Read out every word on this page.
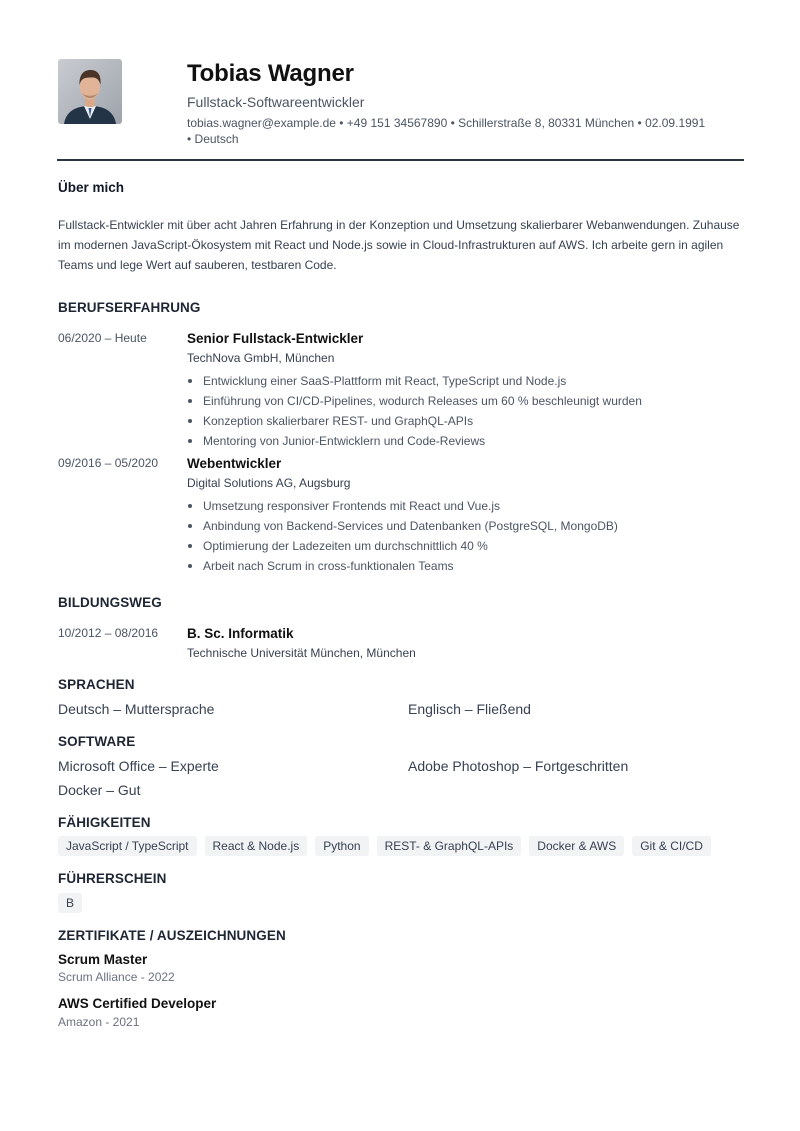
Tobias Wagner
Fullstack-Softwareentwickler
tobias.wagner@example.de • +49 151 34567890 • Schillerstraße 8, 80331 München • 02.09.1991
• Deutsch
Über mich
Fullstack-Entwickler mit über acht Jahren Erfahrung in der Konzeption und Umsetzung skalierbarer Webanwendungen. Zuhause im modernen JavaScript-Ökosystem mit React und Node.js sowie in Cloud-Infrastrukturen auf AWS. Ich arbeite gern in agilen Teams und lege Wert auf sauberen, testbaren Code.
BERUFSERFAHRUNG
06/2020 – Heute	Senior Fullstack-Entwickler
TechNova GmbH, München
Entwicklung einer SaaS-Plattform mit React, TypeScript und Node.js
Einführung von CI/CD-Pipelines, wodurch Releases um 60 % beschleunigt wurden
Konzeption skalierbarer REST- und GraphQL-APIs
Mentoring von Junior-Entwicklern und Code-Reviews
09/2016 – 05/2020 Webentwickler
Digital Solutions AG, Augsburg
Umsetzung responsiver Frontends mit React und Vue.js
Anbindung von Backend-Services und Datenbanken (PostgreSQL, MongoDB)
Optimierung der Ladezeiten um durchschnittlich 40 %
Arbeit nach Scrum in cross-funktionalen Teams
BILDUNGSWEG
10/2012 – 08/2016 B. Sc. Informatik
Technische Universität München, München
SPRACHEN
Deutsch – Muttersprache	Englisch – Fließend
SOFTWARE
Microsoft Office – Experte	Adobe Photoshop – Fortgeschritten
Docker – Gut
FÄHIGKEITEN
JavaScript / TypeScript	React & Node.js	Python	REST- & GraphQL-APIs	Docker & AWS	Git & CI/CD
FÜHRERSCHEIN
B
ZERTIFIKATE / AUSZEICHNUNGEN
Scrum Master
Scrum Alliance - 2022
AWS Certified Developer
Amazon - 2021
